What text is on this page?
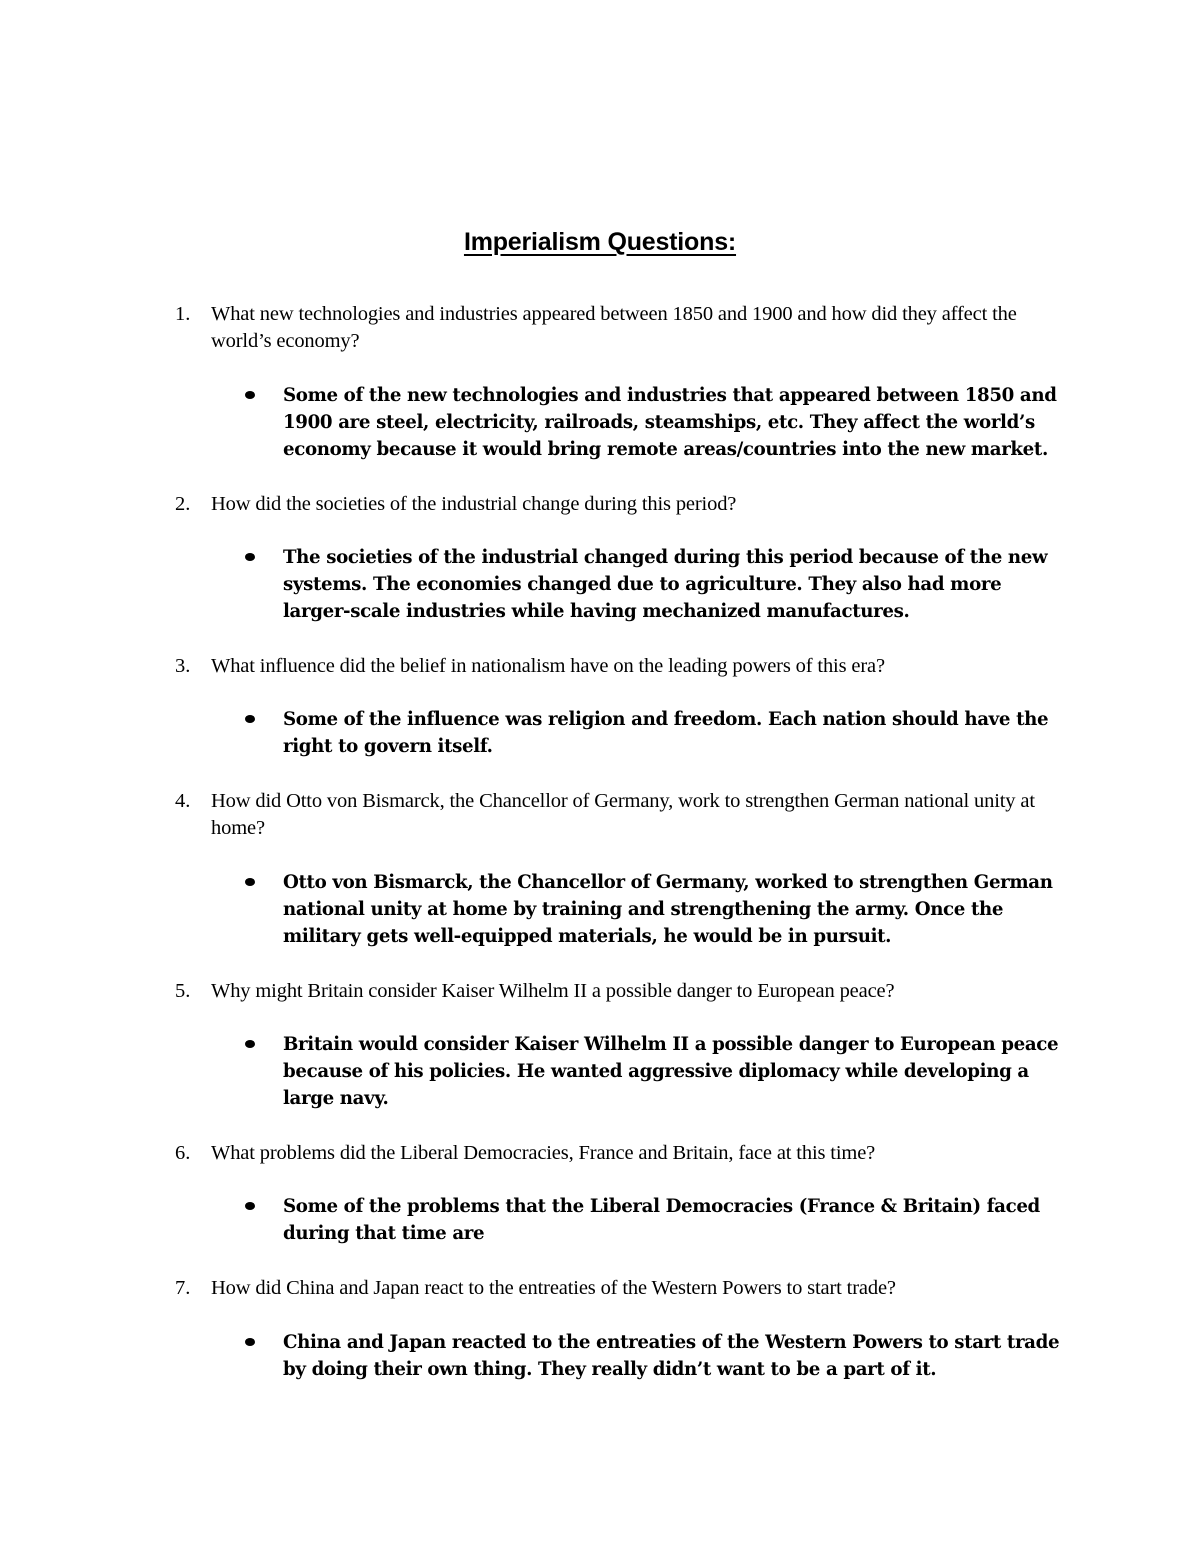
Imperialism Questions:
1. What new technologies and industries appeared between 1850 and 1900 and how did they affect the world’s economy?
Some of the new technologies and industries that appeared between 1850 and 1900 are steel, electricity, railroads, steamships, etc. They affect the world’s economy because it would bring remote areas/countries into the new market.
2. How did the societies of the industrial change during this period?
The societies of the industrial changed during this period because of the new systems. The economies changed due to agriculture. They also had more larger-scale industries while having mechanized manufactures.
3. What influence did the belief in nationalism have on the leading powers of this era?
Some of the influence was religion and freedom. Each nation should have the right to govern itself.
4. How did Otto von Bismarck, the Chancellor of Germany, work to strengthen German national unity at home?
Otto von Bismarck, the Chancellor of Germany, worked to strengthen German national unity at home by training and strengthening the army. Once the military gets well-equipped materials, he would be in pursuit.
5. Why might Britain consider Kaiser Wilhelm II a possible danger to European peace?
Britain would consider Kaiser Wilhelm II a possible danger to European peace because of his policies. He wanted aggressive diplomacy while developing a large navy.
6. What problems did the Liberal Democracies, France and Britain, face at this time?
Some of the problems that the Liberal Democracies (France & Britain) faced during that time are
7. How did China and Japan react to the entreaties of the Western Powers to start trade?
China and Japan reacted to the entreaties of the Western Powers to start trade by doing their own thing. They really didn’t want to be a part of it.
